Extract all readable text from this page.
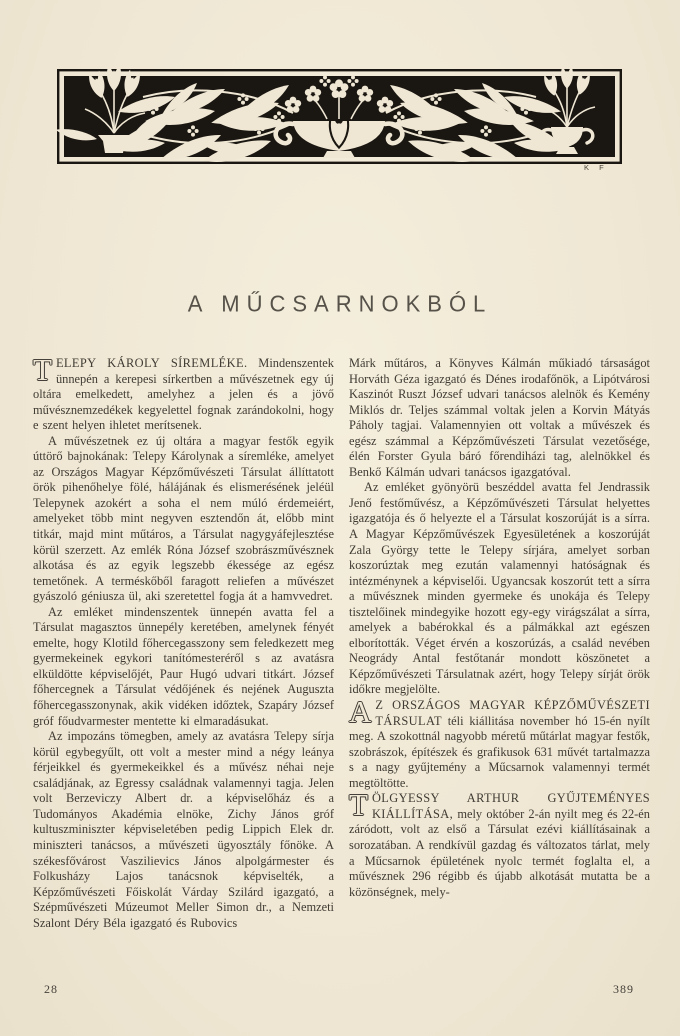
K F
A MŰCSARNOKBÓL

TELEPY KÁROLY SÍREMLÉKE. Mindenszentek ünnepén a kerepesi sírkertben a művészetnek egy új oltára emelkedett, amelyhez a jelen és a jövő művésznemzedékek kegyelettel fognak zarándokolni, hogy e szent helyen ihletet merítsenek.

A művészetnek ez új oltára a magyar festők egyik úttörő bajnokának: Telepy Károlynak a síremléke, amelyet az Országos Magyar Képzőművészeti Társulat állíttatott örök pihenőhelye fölé, hálájának és elismerésének jeléül Telepynek azokért a soha el nem múló érdemeiért, amelyeket több mint negyven esztendőn át, előbb mint titkár, majd mint műtáros, a Társulat nagygyáfejlesztése körül szerzett. Az emlék Róna József szobrászművésznek alkotása és az egyik legszebb ékessége az egész temetőnek. A terméskőből faragott reliefen a művészet gyászoló géniusza ül, aki szeretettel fogja át a hamvvedret.

Az emléket mindenszentek ünnepén avatta fel a Társulat magasztos ünnepély keretében, amelynek fényét emelte, hogy Klotild főhercegasszony sem feledkezett meg gyermekeinek egykori tanítómesteréről s az avatásra elküldötte képviselőjét, Paur Hugó udvari titkárt. József főhercegnek a Társulat védőjének és nejének Auguszta főhercegasszonynak, akik vidéken időztek, Szapáry József gróf főudvarmester mentette ki elmaradásukat.

Az impozáns tömegben, amely az avatásra Telepy sírja körül egybegyűlt, ott volt a mester mind a négy leánya férjeikkel és gyermekeikkel és a művész néhai neje családjának, az Egressy családnak valamennyi tagja. Jelen volt Berzeviczy Albert dr. a képviselőház és a Tudományos Akadémia elnöke, Zichy János gróf kultuszminiszter képviseletében pedig Lippich Elek dr. miniszteri tanácsos, a művészeti ügyosztály főnöke. A székesfővárost Vaszilievics János alpolgármester és Folkusházy Lajos tanácsnok képviselték, a Képzőművészeti Főiskolát Várday Szilárd igazgató, a Szépművészeti Múzeumot Meller Simon dr., a Nemzeti Szalont Déry Béla igazgató és Rubovics

Márk műtáros, a Könyves Kálmán műkiadó társaságot Horváth Géza igazgató és Dénes irodafőnök, a Lipótvárosi Kaszinót Ruszt József udvari tanácsos alelnök és Kemény Miklós dr. Teljes számmal voltak jelen a Korvin Mátyás Páholy tagjai. Valamennyien ott voltak a művészek és egész számmal a Képzőművészeti Társulat vezetősége, élén Forster Gyula báró főrendiházi tag, alelnökkel és Benkő Kálmán udvari tanácsos igazgatóval.

Az emléket gyönyörü beszéddel avatta fel Jendrassik Jenő festőművész, a Képzőművészeti Társulat helyettes igazgatója és ő helyezte el a Társulat koszorúját is a sírra. A Magyar Képzőművészek Egyesületének a koszorúját Zala György tette le Telepy sírjára, amelyet sorban koszorúztak meg ezután valamennyi hatóságnak és intézménynek a képviselői. Ugyancsak koszorút tett a sírra a művésznek minden gyermeke és unokája és Telepy tisztelőinek mindegyike hozott egy-egy virágszálat a sírra, amelyek a babérokkal és a pálmákkal azt egészen elborították. Véget érvén a koszorúzás, a család nevében Neogrády Antal festőtanár mondott köszönetet a Képzőművészeti Társulatnak azért, hogy Telepy sírját örök időkre megjelölte.

A Z ORSZÁGOS MAGYAR KÉPZŐMŰVÉSZETI TÁRSULAT téli kiállitása november hó 15-én nyílt meg. A szokottnál nagyobb méretű műtárlat magyar festők, szobrászok, építészek és grafikusok 631 művét tartalmazza s a nagy gyűjtemény a Műcsarnok valamennyi termét megtöltötte.

TÖLGYESSY ARTHUR GYŰJTEMÉNYES KIÁLLÍTÁSA, mely október 2-án nyilt meg és 22-én záródott, volt az első a Társulat ezévi kiállításainak a sorozatában. A rendkívül gazdag és változatos tárlat, mely a Műcsarnok épületének nyolc termét foglalta el, a művésznek 296 régibb és újabb alkotását mutatta be a közönségnek, mely-

28	389
